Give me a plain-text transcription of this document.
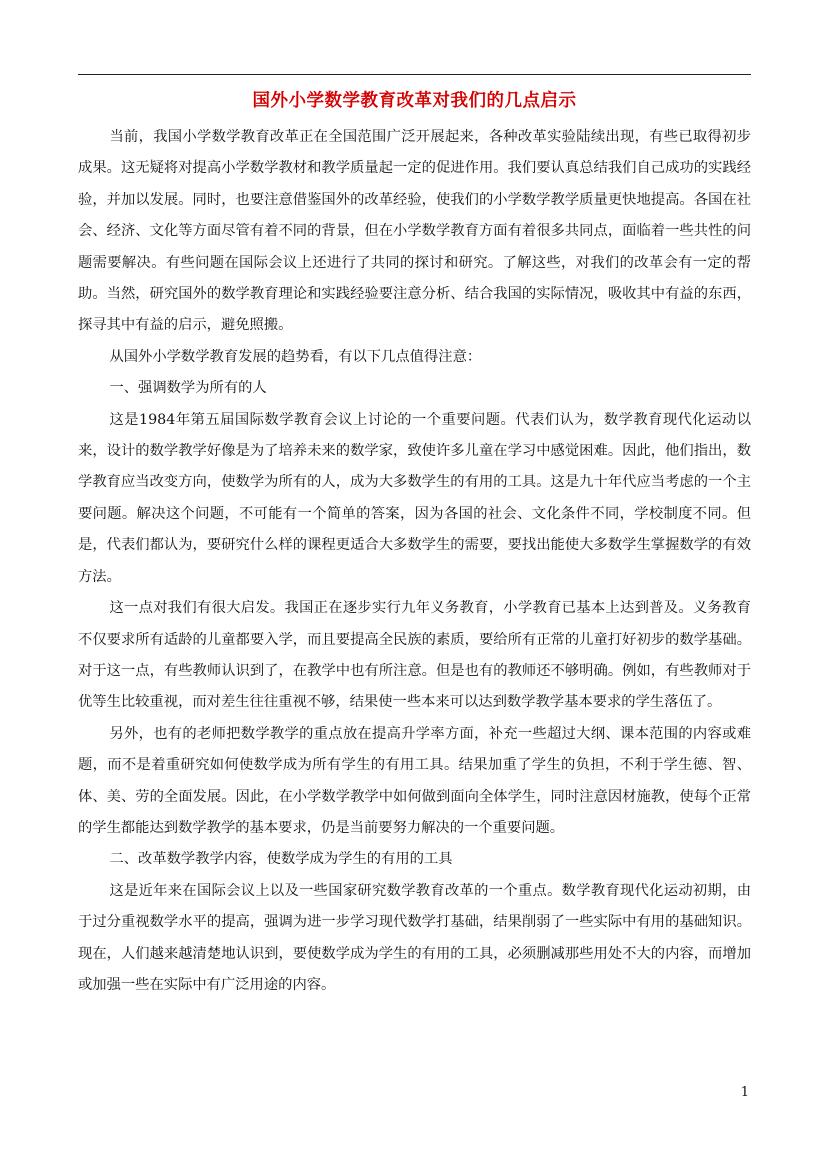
国外小学数学教育改革对我们的几点启示

当前，我国小学数学教育改革正在全国范围广泛开展起来，各种改革实验陆续出现，有些已取得初步成果。这无疑将对提高小学数学教材和教学质量起一定的促进作用。我们要认真总结我们自己成功的实践经验，并加以发展。同时，也要注意借鉴国外的改革经验，使我们的小学数学教学质量更快地提高。各国在社会、经济、文化等方面尽管有着不同的背景，但在小学数学教育方面有着很多共同点，面临着一些共性的问题需要解决。有些问题在国际会议上还进行了共同的探讨和研究。了解这些，对我们的改革会有一定的帮助。当然，研究国外的数学教育理论和实践经验要注意分析、结合我国的实际情况，吸收其中有益的东西，探寻其中有益的启示，避免照搬。

从国外小学数学教育发展的趋势看，有以下几点值得注意：

一、强调数学为所有的人

这是1984年第五届国际数学教育会议上讨论的一个重要问题。代表们认为，数学教育现代化运动以来，设计的数学教学好像是为了培养未来的数学家，致使许多儿童在学习中感觉困难。因此，他们指出，数学教育应当改变方向，使数学为所有的人，成为大多数学生的有用的工具。这是九十年代应当考虑的一个主要问题。解决这个问题，不可能有一个简单的答案，因为各国的社会、文化条件不同，学校制度不同。但是，代表们都认为，要研究什么样的课程更适合大多数学生的需要，要找出能使大多数学生掌握数学的有效方法。

这一点对我们有很大启发。我国正在逐步实行九年义务教育，小学教育已基本上达到普及。义务教育不仅要求所有适龄的儿童都要入学，而且要提高全民族的素质，要给所有正常的儿童打好初步的数学基础。对于这一点，有些教师认识到了，在教学中也有所注意。但是也有的教师还不够明确。例如，有些教师对于优等生比较重视，而对差生往往重视不够，结果使一些本来可以达到数学教学基本要求的学生落伍了。

另外，也有的老师把数学教学的重点放在提高升学率方面，补充一些超过大纲、课本范围的内容或难题，而不是着重研究如何使数学成为所有学生的有用工具。结果加重了学生的负担，不利于学生德、智、体、美、劳的全面发展。因此，在小学数学教学中如何做到面向全体学生，同时注意因材施教，使每个正常的学生都能达到数学教学的基本要求，仍是当前要努力解决的一个重要问题。

二、改革数学教学内容，使数学成为学生的有用的工具

这是近年来在国际会议上以及一些国家研究数学教育改革的一个重点。数学教育现代化运动初期，由于过分重视数学水平的提高，强调为进一步学习现代数学打基础，结果削弱了一些实际中有用的基础知识。现在，人们越来越清楚地认识到，要使数学成为学生的有用的工具，必须删减那些用处不大的内容，而增加或加强一些在实际中有广泛用途的内容。

1
